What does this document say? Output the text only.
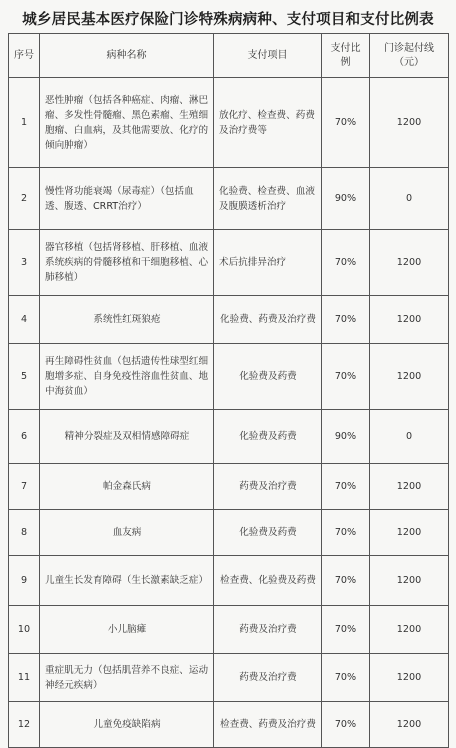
城乡居民基本医疗保险门诊特殊病病种、支付项目和支付比例表
序号	病种名称	支付项目	支付比例	门诊起付线（元）
1	恶性肿瘤（包括各种癌症、肉瘤、淋巴瘤、多发性骨髓瘤、黑色素瘤、生殖细胞瘤、白血病，及其他需要放、化疗的倾向肿瘤）	放化疗、检查费、药费及治疗费等	70%	1200
2	慢性肾功能衰竭（尿毒症）（包括血透、腹透、CRRT治疗）	化验费、检查费、血液及腹膜透析治疗	90%	0
3	器官移植（包括肾移植、肝移植、血液系统疾病的骨髓移植和干细胞移植、心肺移植）	术后抗排异治疗	70%	1200
4	系统性红斑狼疮	化验费、药费及治疗费	70%	1200
5	再生障碍性贫血（包括遗传性球型红细胞增多症、自身免疫性溶血性贫血、地中海贫血）	化验费及药费	70%	1200
6	精神分裂症及双相情感障碍症	化验费及药费	90%	0
7	帕金森氏病	药费及治疗费	70%	1200
8	血友病	化验费及药费	70%	1200
9	儿童生长发育障碍（生长激素缺乏症）	检查费、化验费及药费	70%	1200
10	小儿脑瘫	药费及治疗费	70%	1200
11	重症肌无力（包括肌营养不良症、运动神经元疾病）	药费及治疗费	70%	1200
12	儿童免疫缺陷病	检查费、药费及治疗费	70%	1200
